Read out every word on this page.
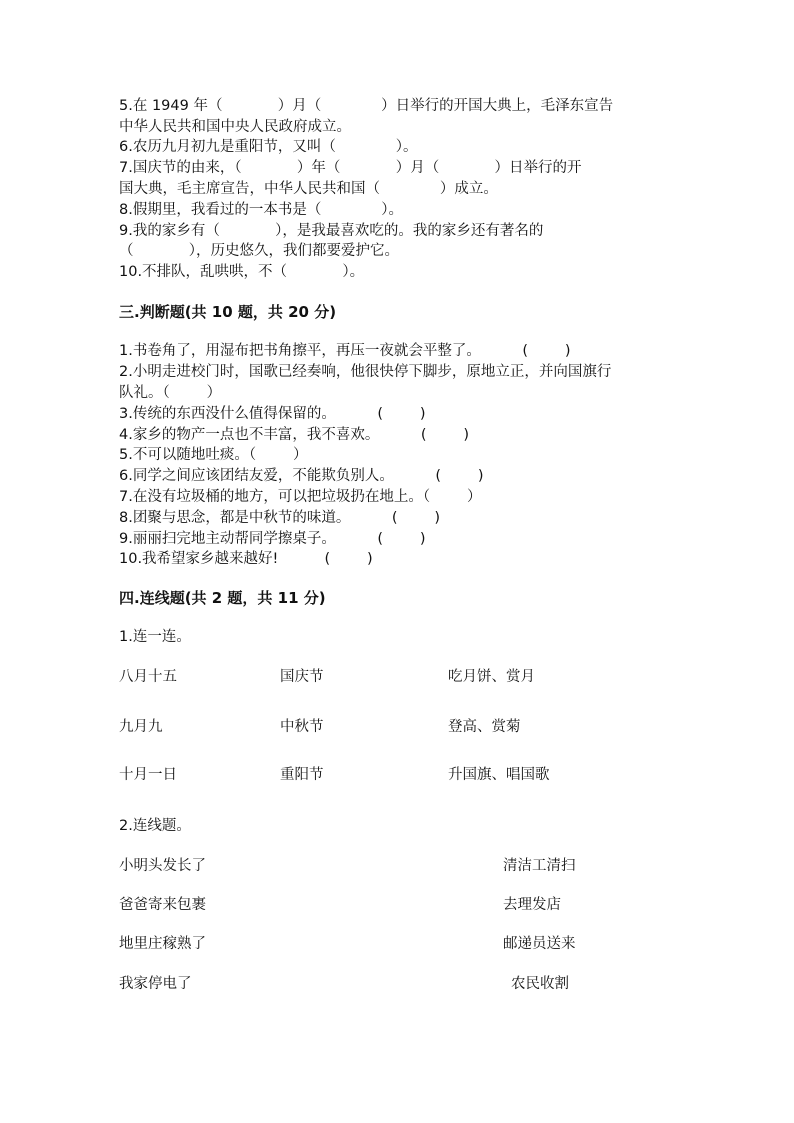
5.在 1949 年（            ）月（             ）日举行的开国大典上，毛泽东宣告
中华人民共和国中央人民政府成立。
6.农历九月初九是重阳节，又叫（             ）。
7.国庆节的由来，（            ）年（            ）月（            ）日举行的开
国大典，毛主席宣告，中华人民共和国（             ）成立。
8.假期里，我看过的一本书是（             ）。
9.我的家乡有（            ），是我最喜欢吃的。我的家乡还有著名的
（            ），历史悠久，我们都要爱护它。
10.不排队，乱哄哄，不（            ）。
三.判断题(共 10 题，共 20 分)
1.书卷角了，用湿布把书角擦平，再压一夜就会平整了。         (        )
2.小明走进校门时，国歌已经奏响，他很快停下脚步，原地立正，并向国旗行
队礼。（        ）
3.传统的东西没什么值得保留的。         (        )
4.家乡的物产一点也不丰富，我不喜欢。         (        )
5.不可以随地吐痰。（        ）
6.同学之间应该团结友爱，不能欺负别人。         (        )
7.在没有垃圾桶的地方，可以把垃圾扔在地上。（        ）
8.团聚与思念，都是中秋节的味道。         (        )
9.丽丽扫完地主动帮同学擦桌子。         (        )
10.我希望家乡越来越好!          (        )
四.连线题(共 2 题，共 11 分)
1.连一连。
八月十五	国庆节	吃月饼、赏月
九月九	中秋节	登高、赏菊
十月一日	重阳节	升国旗、唱国歌
2.连线题。
小明头发长了	清洁工清扫
爸爸寄来包裹	去理发店
地里庄稼熟了	邮递员送来
我家停电了	农民收割
